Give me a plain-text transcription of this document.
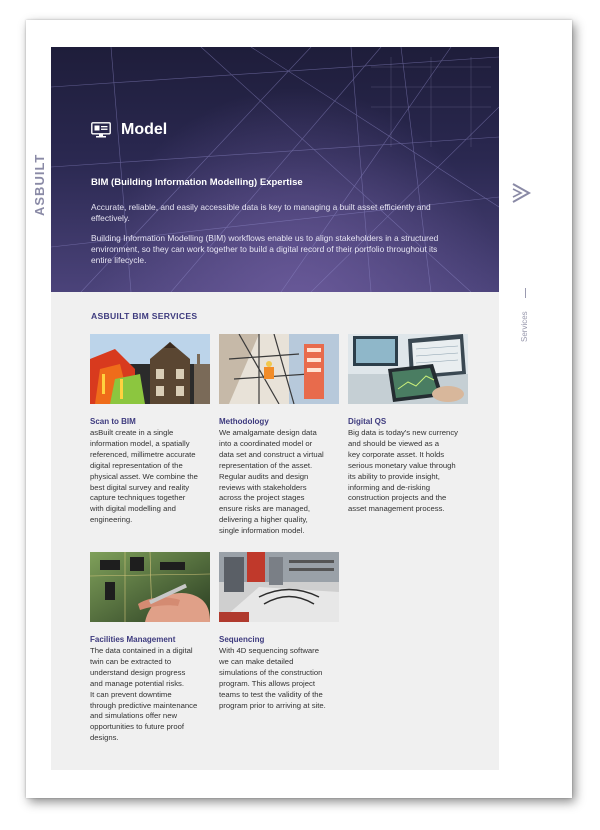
Model
BIM (Building Information Modelling) Expertise

Accurate, reliable, and easily accessible data is key to managing a built asset efficiently and effectively.

Building Information Modelling (BIM) workflows enable us to align stakeholders in a structured environment, so they can work together to build a digital record of their portfolio throughout its entire lifecycle.

ASBUILT BIM SERVICES
Scan to BIM
asBuilt create in a single
information model, a spatially
referenced, millimetre accurate
digital representation of the
physical asset. We combine the
best digital survey and reality
capture techniques together
with digital modelling and
engineering.
Methodology
We amalgamate design data
into a coordinated model or
data set and construct a virtual
representation of the asset.
Regular audits and design
reviews with stakeholders
across the project stages
ensure risks are managed,
delivering a higher quality,
single information model.
Digital QS
Big data is today's new currency
and should be viewed as a
key corporate asset. It holds
serious monetary value through
its ability to provide insight,
informing and de-risking
construction projects and the
asset management process.
Facilities Management
The data contained in a digital
twin can be extracted to
understand design progress
and manage potential risks.
It can prevent downtime
through predictive maintenance
and simulations offer new
opportunities to future proof
designs.
Sequencing
With 4D sequencing software
we can make detailed
simulations of the construction
program. This allows project
teams to test the validity of the
program prior to arriving at site.
ASBUILT
Services
